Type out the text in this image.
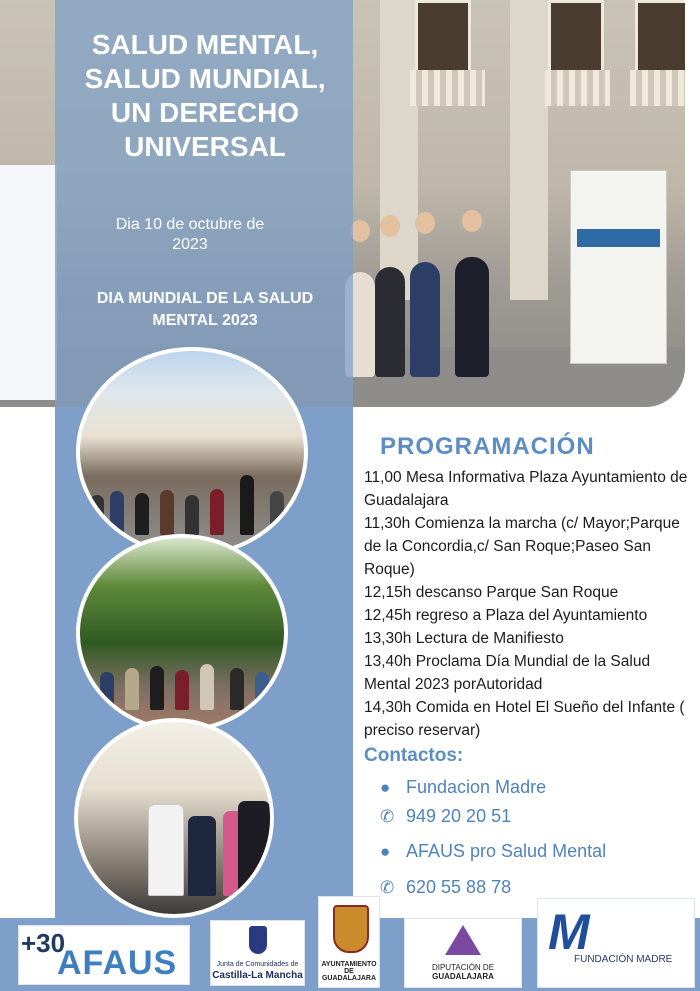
SALUD MENTAL,
SALUD MUNDIAL,
UN DERECHO
UNIVERSAL
Dia 10 de octubre de
2023
DIA MUNDIAL DE LA SALUD
MENTAL 2023
PROGRAMACIÓN
11,00 Mesa Informativa Plaza Ayuntamiento de Guadalajara
11,30h Comienza la marcha (c/ Mayor;Parque de la Concordia,c/ San Roque;Paseo San Roque)
12,15h descanso Parque San Roque
12,45h regreso a Plaza del Ayuntamiento
13,30h Lectura de Manifiesto
13,40h Proclama Día Mundial de la Salud Mental 2023 porAutoridad
14,30h Comida en Hotel El Sueño del Infante ( preciso reservar)
Contactos:
● Fundacion Madre
✆ 949 20 20 51
● AFAUS pro Salud Mental
✆ 620 55 88 78
+30
AFAUS	Junta de Comunidades de
Castilla-La Mancha
AYUNTAMIENTO
DE GUADALAJARA
DIPUTACIÓN DE
GUADALAJARA
M
FUNDACIÓN MADRE
